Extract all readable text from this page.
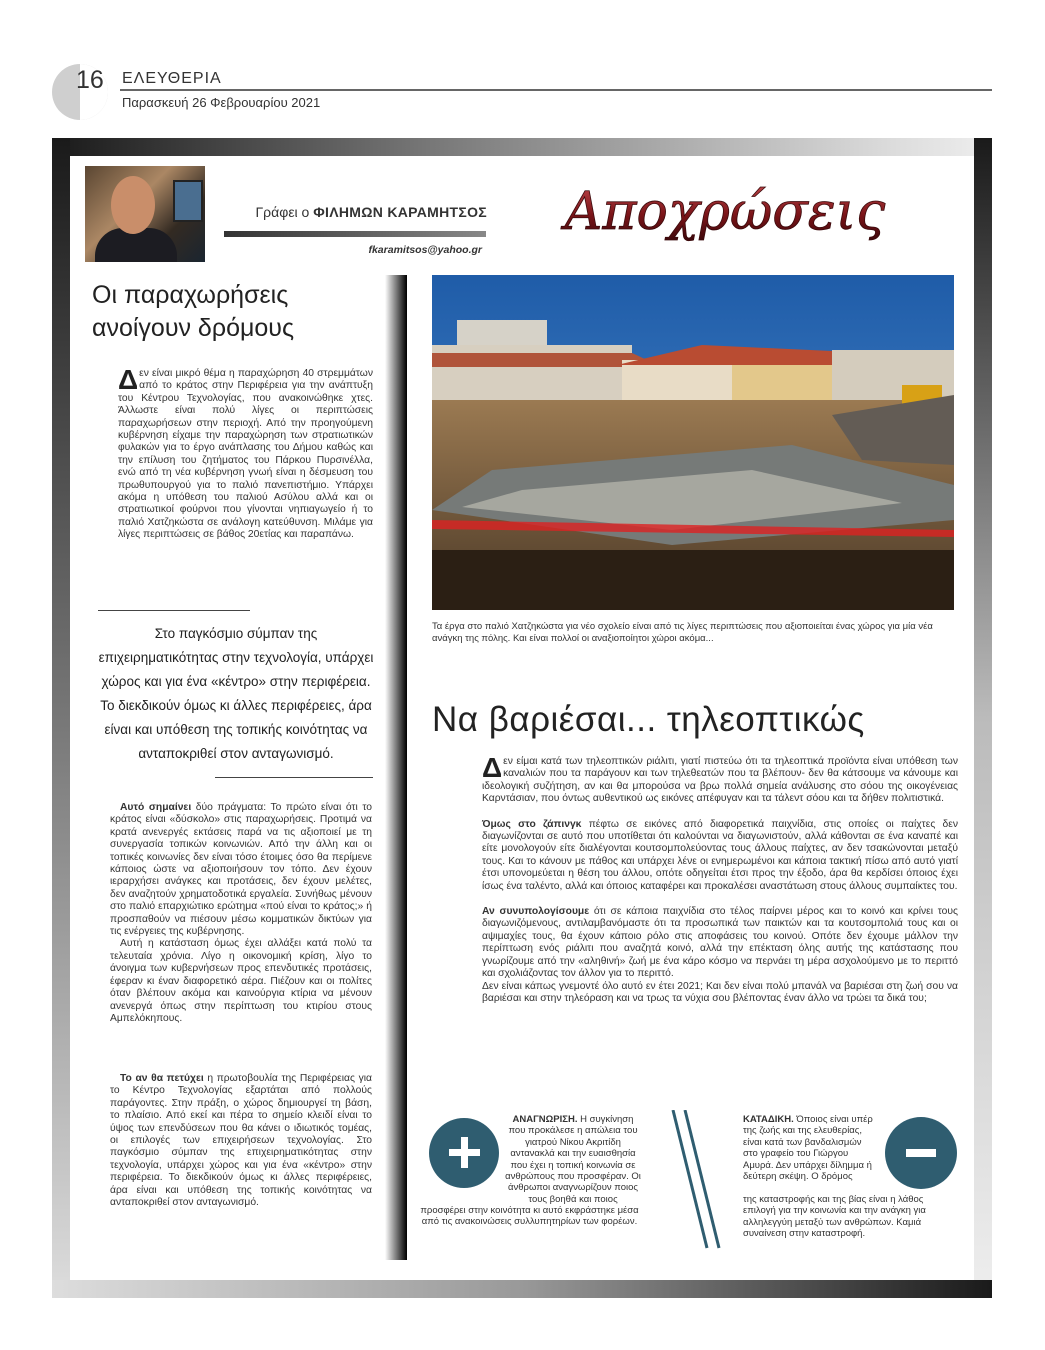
16 ΕΛΕΥΘΕΡΙΑ
Παρασκευή 26 Φεβρουαρίου 2021
Γράφει ο ΦΙΛΗΜΩΝ ΚΑΡΑΜΗΤΣΟΣ
fkaramitsos@yahoo.gr
Αποχρώσεις
Οι παραχωρήσεις
ανοίγουν δρόμους
Δεν είναι μικρό θέμα η παραχώρηση 40 στρεμμάτων από το κράτος στην Περιφέρεια για την ανάπτυξη του Κέντρου Τεχνολογίας, που ανακοινώθηκε χτες. Άλλωστε είναι πολύ λίγες οι περιπτώσεις παραχωρήσεων στην περιοχή. Από την προηγούμενη κυβέρνηση είχαμε την παραχώρηση των στρατιωτικών φυλακών για το έργο ανάπλασης του Δήμου καθώς και την επίλυση του ζητήματος του Πάρκου Πυρσινέλλα, ενώ από τη νέα κυβέρνηση γνωή είναι η δέσμευση του πρωθυπουργού για το παλιό πανεπιστήμιο. Υπάρχει ακόμα η υπόθεση του παλιού Ασύλου αλλά και οι στρατιωτικοί φούρνοι που γίνονται νηπιαγωγείο ή το παλιό Χατζηκώστα σε ανάλογη κατεύθυνση. Μιλάμε για λίγες περιπτώσεις σε βάθος 20ετίας και παραπάνω.
Στο παγκόσμιο σύμπαν της επιχειρηματικότητας στην τεχνολογία, υπάρχει χώρος και για ένα «κέντρο» στην περιφέρεια. Το διεκδικούν όμως κι άλλες περιφέρειες, άρα είναι και υπόθεση της τοπικής κοινότητας να ανταποκριθεί στον ανταγωνισμό.

Αυτό σημαίνει δύο πράγματα: Το πρώτο είναι ότι το κράτος είναι «δύσκολο» στις παραχωρήσεις. Προτιμά να κρατά ανενεργές εκτάσεις παρά να τις αξιοποιεί με τη συνεργασία τοπικών κοινωνιών. Από την άλλη και οι τοπικές κοινωνίες δεν είναι τόσο έτοιμες όσο θα περίμενε κάποιος ώστε να αξιοποιήσουν τον τόπο. Δεν έχουν ιεραρχήσει ανάγκες και προτάσεις, δεν έχουν μελέτες, δεν αναζητούν χρηματοδοτικά εργαλεία. Συνήθως μένουν στο παλιό επαρχιώτικο ερώτημα «πού είναι το κράτος;» ή προσπαθούν να πιέσουν μέσω κομματικών δικτύων για τις ενέργειες της κυβέρνησης.

Αυτή η κατάσταση όμως έχει αλλάξει κατά πολύ τα τελευταία χρόνια. Λίγο η οικονομική κρίση, λίγο το άνοιγμα των κυβερνήσεων προς επενδυτικές προτάσεις, έφεραν κι έναν διαφορετικό αέρα. Πιέζουν και οι πολίτες όταν βλέπουν ακόμα και καινούργια κτίρια να μένουν ανενεργά όπως στην περίπτωση του κτιρίου στους Αμπελόκηπους.

Το αν θα πετύχει η πρωτοβουλία της Περιφέρειας για το Κέντρο Τεχνολογίας εξαρτάται από πολλούς παράγοντες. Στην πράξη, ο χώρος δημιουργεί τη βάση, το πλαίσιο. Από εκεί και πέρα το σημείο κλειδί είναι το ύψος των επενδύσεων που θα κάνει ο ιδιωτικός τομέας, οι επιλογές των επιχειρήσεων τεχνολογίας. Στο παγκόσμιο σύμπαν της επιχειρηματικότητας στην τεχνολογία, υπάρχει χώρος και για ένα «κέντρο» στην περιφέρεια. Το διεκδικούν όμως κι άλλες περιφέρειες, άρα είναι και υπόθεση της τοπικής κοινότητας να ανταποκριθεί στον ανταγωνισμό.

Τα έργα στο παλιό Χατζηκώστα για νέο σχολείο είναι από τις λίγες περιπτώσεις που αξιοποιείται ένας χώρος για μία νέα ανάγκη της πόλης. Και είναι πολλοί οι αναξιοποίητοι χώροι ακόμα...
Να βαριέσαι... τηλεοπτικώς

Δεν είμαι κατά των τηλεοπτικών ριάλιτι, γιατί πιστεύω ότι τα τηλεοπτικά προϊόντα είναι υπόθεση των καναλιών που τα παράγουν και των τηλεθεατών που τα βλέπουν- δεν θα κάτσουμε να κάνουμε και ιδεολογική συζήτηση, αν και θα μπορούσα να βρω πολλά σημεία ανάλυσης στο σόου της οικογένειας Καρντάσιαν, που όντως αυθεντικού ως εικόνες απέφυγαν και τα τάλεντ σόου και τα δήθεν πολιτιστικά.

Όμως στο ζάπινγκ πέφτω σε εικόνες από διαφορετικά παιχνίδια, στις οποίες οι παίχτες δεν διαγωνίζονται σε αυτό που υποτίθεται ότι καλούνται να διαγωνιστούν, αλλά κάθονται σε ένα καναπέ και είτε μονολογούν είτε διαλέγονται κουτσομπολεύοντας τους άλλους παίχτες, αν δεν τσακώνονται μεταξύ τους. Και το κάνουν με πάθος και υπάρχει λένε οι ενημερωμένοι και κάποια τακτική πίσω από αυτό γιατί έτσι υπονομεύεται η θέση του άλλου, οπότε οδηγείται έτσι προς την έξοδο, άρα θα κερδίσει όποιος έχει ίσως ένα ταλέντο, αλλά και όποιος καταφέρει και προκαλέσει αναστάτωση στους άλλους συμπαίκτες του.

Αν συνυπολογίσουμε ότι σε κάποια παιχνίδια στο τέλος παίρνει μέρος και το κοινό και κρίνει τους διαγωνιζόμενους, αντιλαμβανόμαστε ότι τα προσωπικά των παικτών και τα κουτσομπολιά τους και οι αψιμαχίες τους, θα έχουν κάποιο ρόλο στις αποφάσεις του κοινού. Οπότε δεν έχουμε μάλλον την περίπτωση ενός ριάλιτι που αναζητά κοινό, αλλά την επέκταση όλης αυτής της κατάστασης που γνωρίζουμε από την «αληθινή» ζωή με ένα κάρο κόσμο να περνάει τη μέρα ασχολούμενο με το περιττό και σχολιάζοντας τον άλλον για το περιττό.

Δεν είναι κάπως γνεμοντέ όλο αυτό εν έτει 2021; Και δεν είναι πολύ μπανάλ να βαριέσαι στη ζωή σου να βαριέσαι και στην τηλεόραση και να τρως τα νύχια σου βλέποντας έναν άλλο να τρώει τα δικά του;

ΑΝΑΓΝΩΡΙΣΗ. Η συγκίνηση που προκάλεσε η απώλεια του γιατρού Νίκου Ακριτίδη αντανακλά και την ευαισθησία που έχει η τοπική κοινωνία σε ανθρώπους που προσφέραν. Οι άνθρωποι αναγνωρίζουν ποιος τους βοηθά και ποιος
προσφέρει στην κοινότητα κι αυτό εκφράστηκε μέσα από τις ανακοινώσεις συλλυπητηρίων των φορέων.
ΚΑΤΑΔΙΚΗ. Όποιος είναι υπέρ της ζωής και της ελευθερίας, είναι κατά των βανδαλισμών στο γραφείο του Γιώργου Αμυρά. Δεν υπάρχει δίλημμα ή δεύτερη σκέψη. Ο δρόμος
της καταστροφής και της βίας είναι η λάθος επιλογή για την κοινωνία και την ανάγκη για αλληλεγγύη μεταξύ των ανθρώπων. Καμιά συναίνεση στην καταστροφή.
